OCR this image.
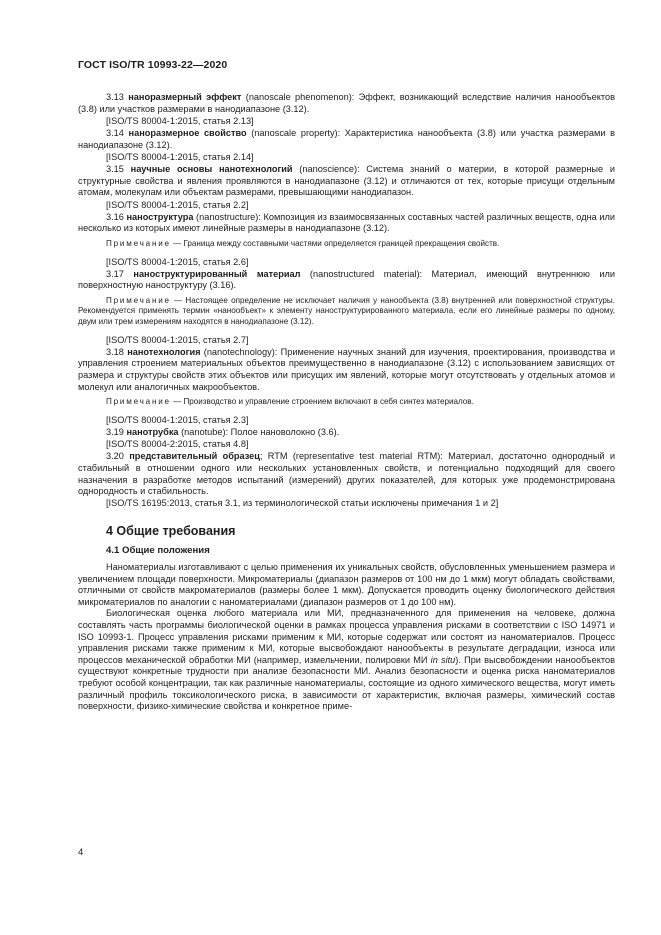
ГОСТ ISO/TR 10993-22—2020

3.13 наноразмерный эффект (nanoscale phenomenon): Эффект, возникающий вследствие наличия нанообъектов (3.8) или участков размерами в нанодиапазоне (3.12).

[ISO/TS 80004-1:2015, статья 2.13]

3.14 наноразмерное свойство (nanoscale property): Характеристика нанообъекта (3.8) или участка размерами в нанодиапазоне (3.12).

[ISO/TS 80004-1:2015, статья 2.14]

3.15 научные основы нанотехнологий (nanoscience): Система знаний о материи, в которой размерные и структурные свойства и явления проявляются в нанодиапазоне (3.12) и отличаются от тех, которые присущи отдельным атомам, молекулам или объектам размерами, превышающими нанодиапазон.

[ISO/TS 80004-1:2015, статья 2.2]

3.16 наноструктура (nanostructure): Композиция из взаимосвязанных составных частей различных веществ, одна или несколько из которых имеют линейные размеры в нанодиапазоне (3.12).

Примечание — Граница между составными частями определяется границей прекращения свойств.

[ISO/TS 80004-1:2015, статья 2.6]

3.17 наноструктурированный материал (nanostructured material): Материал, имеющий внутреннюю или поверхностную наноструктуру (3.16).

Примечание — Настоящее определение не исключает наличия у нанообъекта (3.8) внутренней или поверхностной структуры. Рекомендуется применять термин «нанообъект» к элементу наноструктурированного материала, если его линейные размеры по одному, двум или трем измерениям находятся в нанодиапазоне (3.12).

[ISO/TS 80004-1:2015, статья 2.7]

3.18 нанотехнология (nanotechnology): Применение научных знаний для изучения, проектирования, производства и управления строением материальных объектов преимущественно в нанодиапазоне (3.12) с использованием зависящих от размера и структуры свойств этих объектов или присущих им явлений, которые могут отсутствовать у отдельных атомов и молекул или аналогичных макрообъектов.

Примечание — Производство и управление строением включают в себя синтез материалов.

[ISO/TS 80004-1:2015, статья 2.3]

3.19 нанотрубка (nanotube): Полое нановолокно (3.6).

[ISO/TS 80004-2:2015, статья 4.8]

3.20 представительный образец; RTM (representative test material RTM): Материал, достаточно однородный и стабильный в отношении одного или нескольких установленных свойств, и потенциально подходящий для своего назначения в разработке методов испытаний (измерений) других показателей, для которых уже продемонстрирована однородность и стабильность.

[ISO/TS 16195:2013, статья 3.1, из терминологической статьи исключены примечания 1 и 2]

4 Общие требования
4.1 Общие положения

Наноматериалы изготавливают с целью применения их уникальных свойств, обусловленных уменьшением размера и увеличением площади поверхности. Микроматериалы (диапазон размеров от 100 нм до 1 мкм) могут обладать свойствами, отличными от свойств макроматериалов (размеры более 1 мкм). Допускается проводить оценку биологического действия микроматериалов по аналогии с наноматериалами (диапазон размеров от 1 до 100 нм).

Биологическая оценка любого материала или МИ, предназначенного для применения на человеке, должна составлять часть программы биологической оценки в рамках процесса управления рисками в соответствии с ISO 14971 и ISO 10993-1. Процесс управления рисками применим к МИ, которые содержат или состоят из наноматериалов. Процесс управления рисками также применим к МИ, которые высвобождают нанообъекты в результате деградации, износа или процессов механической обработки МИ (например, измельчении, полировки МИ in situ). При высвобождении нанообъектов существуют конкретные трудности при анализе безопасности МИ. Анализ безопасности и оценка риска наноматериалов требуют особой концентрации, так как различные наноматериалы, состоящие из одного химического вещества, могут иметь различный профиль токсикологического риска, в зависимости от характеристик, включая размеры, химический состав поверхности, физико-химические свойства и конкретное приме-

4
